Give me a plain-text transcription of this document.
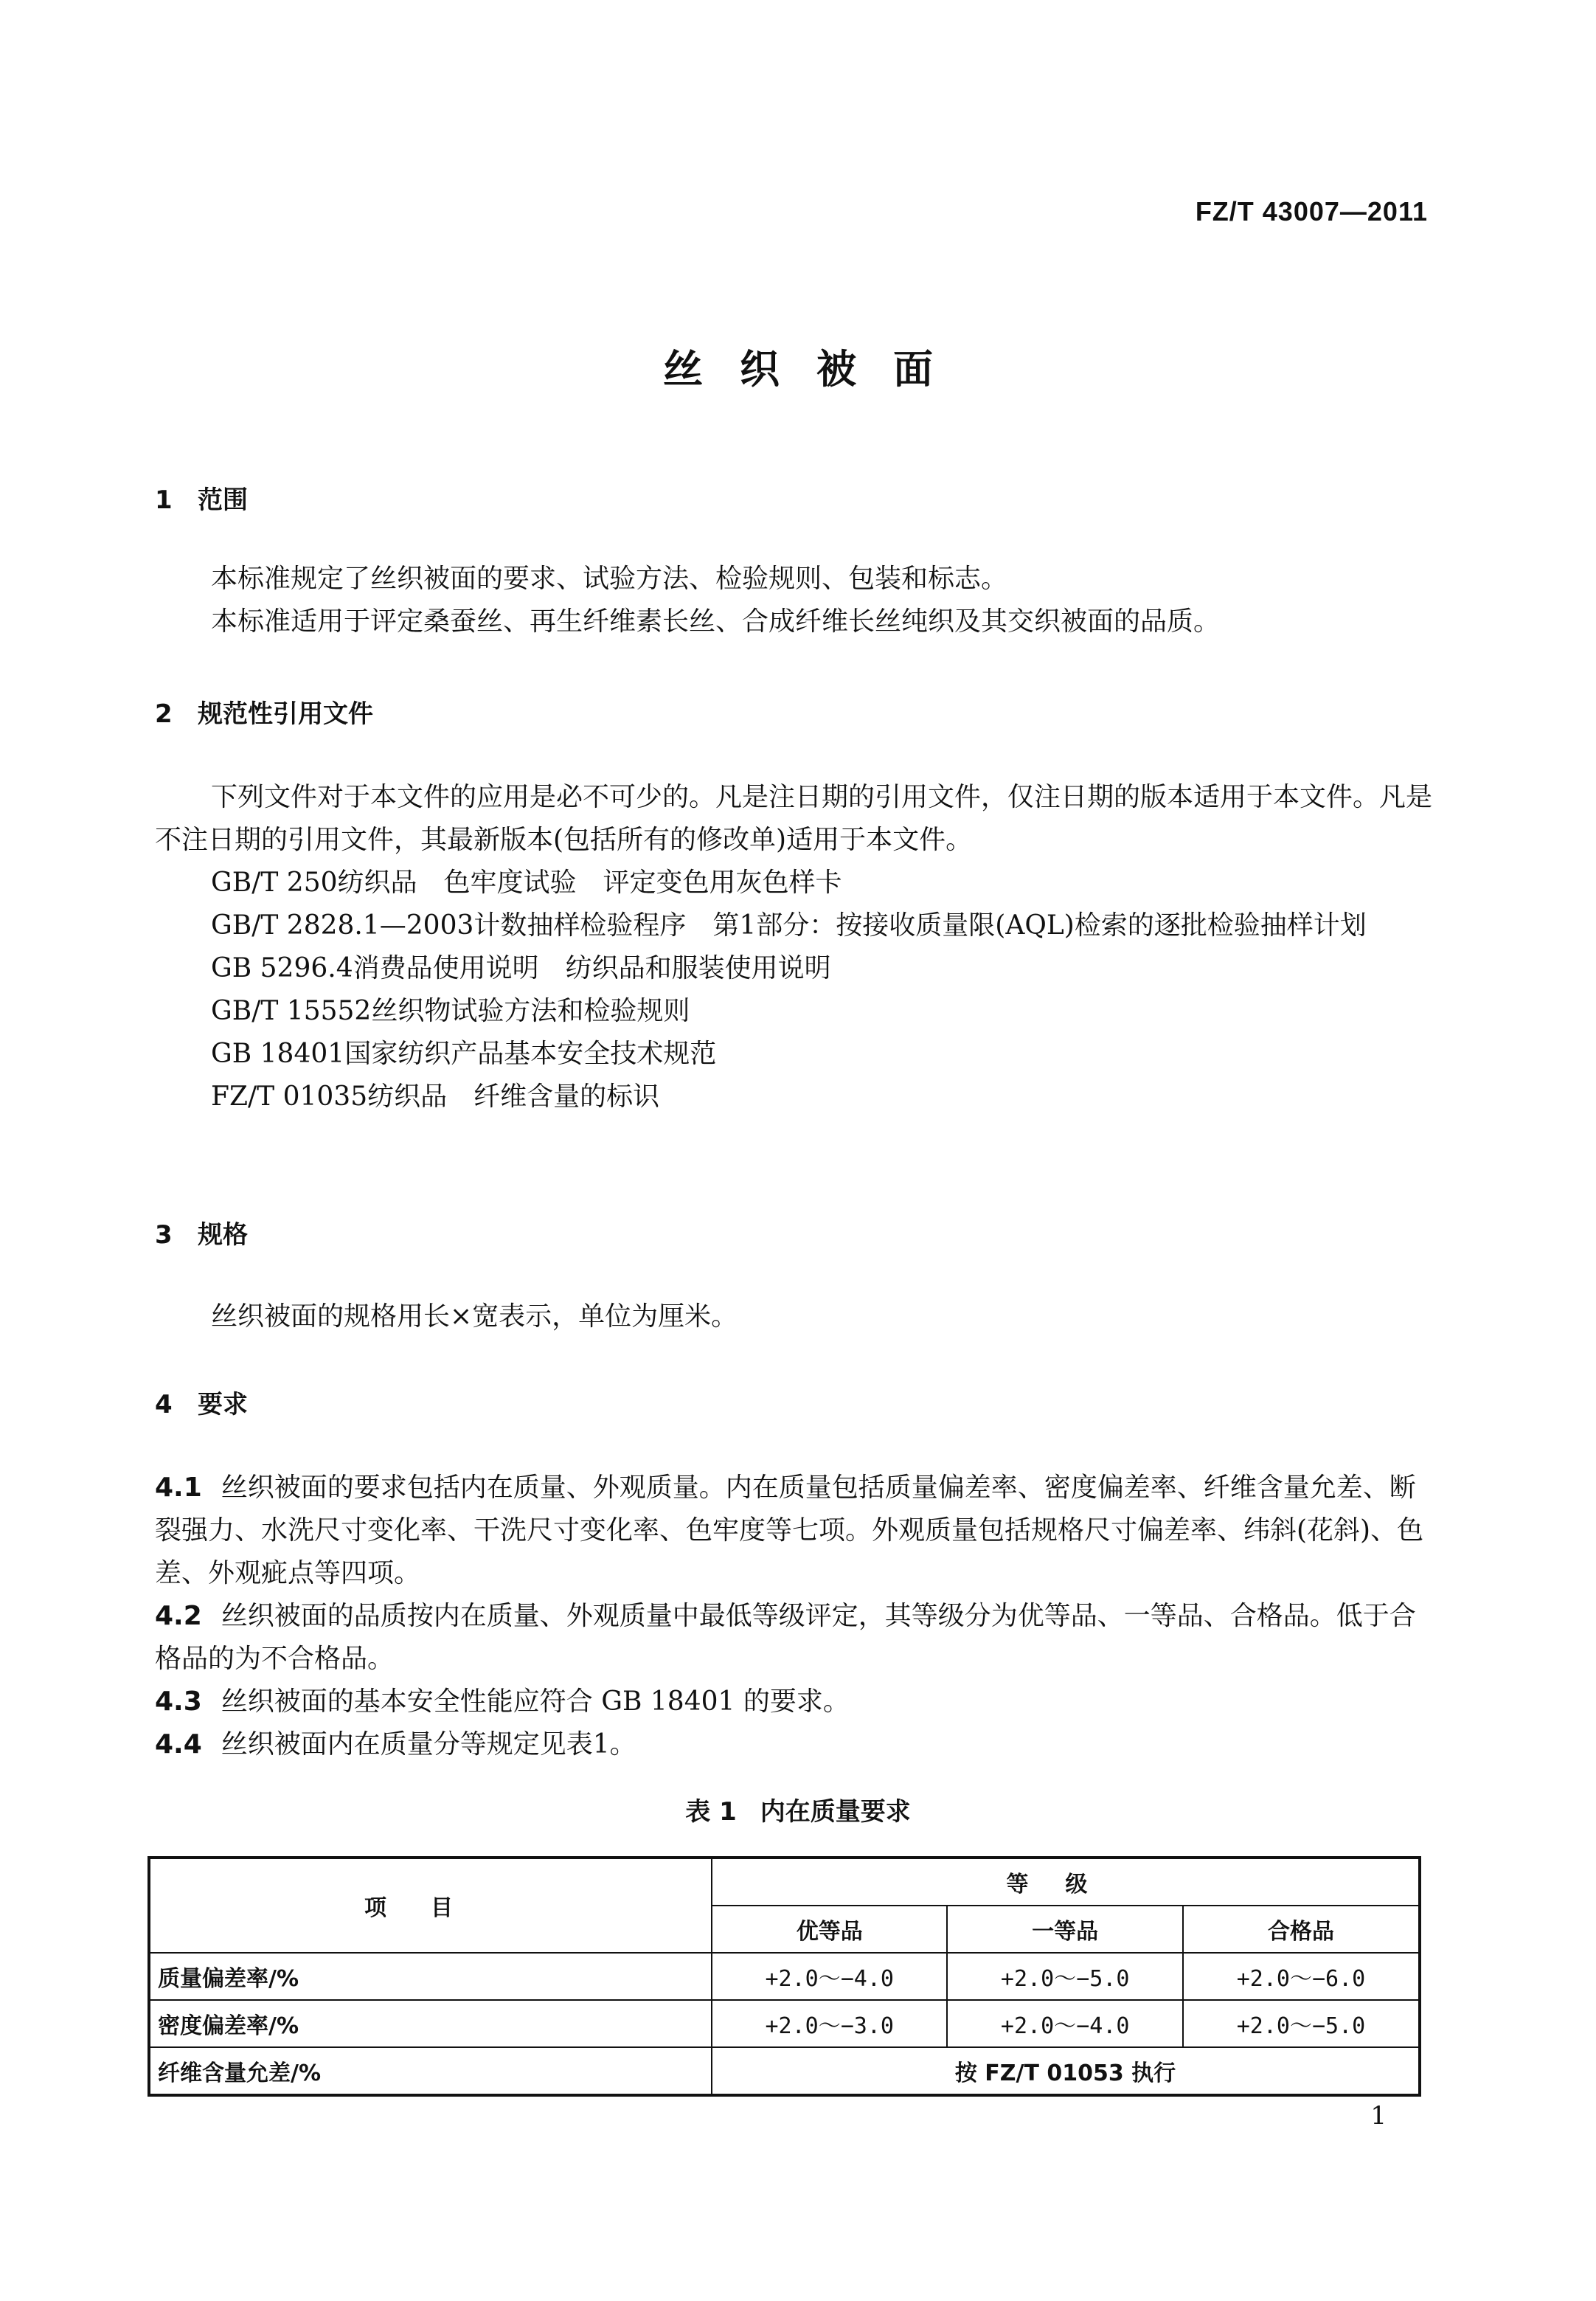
FZ/T 43007—2011
丝织被面
1 范围
本标准规定了丝织被面的要求、试验方法、检验规则、包装和标志。
本标准适用于评定桑蚕丝、再生纤维素长丝、合成纤维长丝纯织及其交织被面的品质。
2 规范性引用文件
下列文件对于本文件的应用是必不可少的。凡是注日期的引用文件，仅注日期的版本适用于本文件。凡是不注日期的引用文件，其最新版本(包括所有的修改单)适用于本文件。
GB/T 250纺织品　色牢度试验　评定变色用灰色样卡
GB/T 2828.1—2003计数抽样检验程序　第1部分：按接收质量限(AQL)检索的逐批检验抽样计划
GB 5296.4消费品使用说明　纺织品和服装使用说明
GB/T 15552丝织物试验方法和检验规则
GB 18401国家纺织产品基本安全技术规范
FZ/T 01035纺织品　纤维含量的标识
3 规格
丝织被面的规格用长×宽表示，单位为厘米。
4 要求
4.1 丝织被面的要求包括内在质量、外观质量。内在质量包括质量偏差率、密度偏差率、纤维含量允差、断裂强力、水洗尺寸变化率、干洗尺寸变化率、色牢度等七项。外观质量包括规格尺寸偏差率、纬斜(花斜)、色差、外观疵点等四项。
4.2 丝织被面的品质按内在质量、外观质量中最低等级评定，其等级分为优等品、一等品、合格品。低于合格品的为不合格品。
4.3 丝织被面的基本安全性能应符合 GB 18401 的要求。
4.4 丝织被面内在质量分等规定见表1。
表 1 内在质量要求
项目	等级		
	优等品	一等品	合格品
质量偏差率/%	+2.0～−4.0	+2.0～−5.0	+2.0～−6.0
密度偏差率/%	+2.0～−3.0	+2.0～−4.0	+2.0～−5.0
纤维含量允差/%	按 FZ/T 01053 执行		
1
